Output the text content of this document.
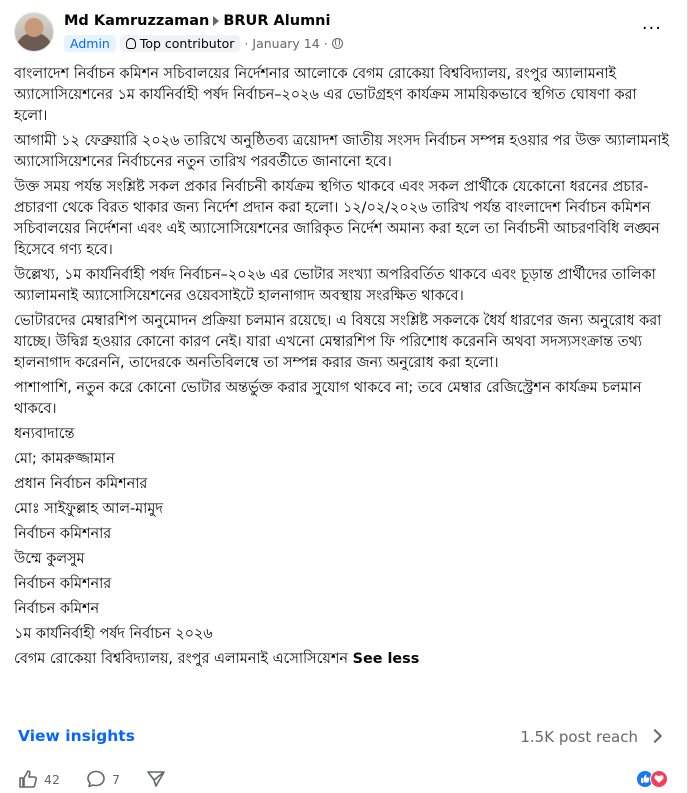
Md Kamruzzaman BRUR Alumni
Admin	Top contributor · January 14 ·
···

বাংলাদেশ নির্বাচন কমিশন সচিবালয়ের নির্দেশনার আলোকে বেগম রোকেয়া বিশ্ববিদ্যালয়, রংপুর অ্যালামনাই অ্যাসোসিয়েশনের ১ম কার্যনির্বাহী পর্ষদ নির্বাচন–২০২৬ এর ভোটগ্রহণ কার্যক্রম সাময়িকভাবে স্থগিত ঘোষণা করা হলো।

আগামী ১২ ফেব্রুয়ারি ২০২৬ তারিখে অনুষ্ঠিতব্য ত্রয়োদশ জাতীয় সংসদ নির্বাচন সম্পন্ন হওয়ার পর উক্ত অ্যালামনাই অ্যাসোসিয়েশনের নির্বাচনের নতুন তারিখ পরবর্তীতে জানানো হবে।

উক্ত সময় পর্যন্ত সংশ্লিষ্ট সকল প্রকার নির্বাচনী কার্যক্রম স্থগিত থাকবে এবং সকল প্রার্থীকে যেকোনো ধরনের প্রচার-প্রচারণা থেকে বিরত থাকার জন্য নির্দেশ প্রদান করা হলো। ১২/০২/২০২৬ তারিখ পর্যন্ত বাংলাদেশ নির্বাচন কমিশন সচিবালয়ের নির্দেশনা এবং এই অ্যাসোসিয়েশনের জারিকৃত নির্দেশ অমান্য করা হলে তা নির্বাচনী আচরণবিধি লঙ্ঘন হিসেবে গণ্য হবে।

উল্লেখ্য, ১ম কার্যনির্বাহী পর্ষদ নির্বাচন–২০২৬ এর ভোটার সংখ্যা অপরিবর্তিত থাকবে এবং চূড়ান্ত প্রার্থীদের তালিকা অ্যালামনাই অ্যাসোসিয়েশনের ওয়েবসাইটে হালনাগাদ অবস্থায় সংরক্ষিত থাকবে।

ভোটারদের মেম্বারশিপ অনুমোদন প্রক্রিয়া চলমান রয়েছে। এ বিষয়ে সংশ্লিষ্ট সকলকে ধৈর্য ধারণের জন্য অনুরোধ করা যাচ্ছে। উদ্বিগ্ন হওয়ার কোনো কারণ নেই। যারা এখনো মেম্বারশিপ ফি পরিশোধ করেননি অথবা সদস্যসংক্রান্ত তথ্য হালনাগাদ করেননি, তাদেরকে অনতিবিলম্বে তা সম্পন্ন করার জন্য অনুরোধ করা হলো।

পাশাপাশি, নতুন করে কোনো ভোটার অন্তর্ভুক্ত করার সুযোগ থাকবে না; তবে মেম্বার রেজিস্ট্রেশন কার্যক্রম চলমান থাকবে।

ধন্যবাদান্তে

মো; কামরুজ্জামান

প্রধান নির্বাচন কমিশনার

মোঃ সাইফুল্লাহ আল-মামুদ

নির্বাচন কমিশনার

উম্মে কুলসুম

নির্বাচন কমিশনার

নির্বাচন কমিশন

১ম কার্যনির্বাহী পর্ষদ নির্বাচন ২০২৬

বেগম রোকেয়া বিশ্ববিদ্যালয়, রংপুর এলামনাই এসোসিয়েশন See less

View insights	1.5K post reach
42	7
